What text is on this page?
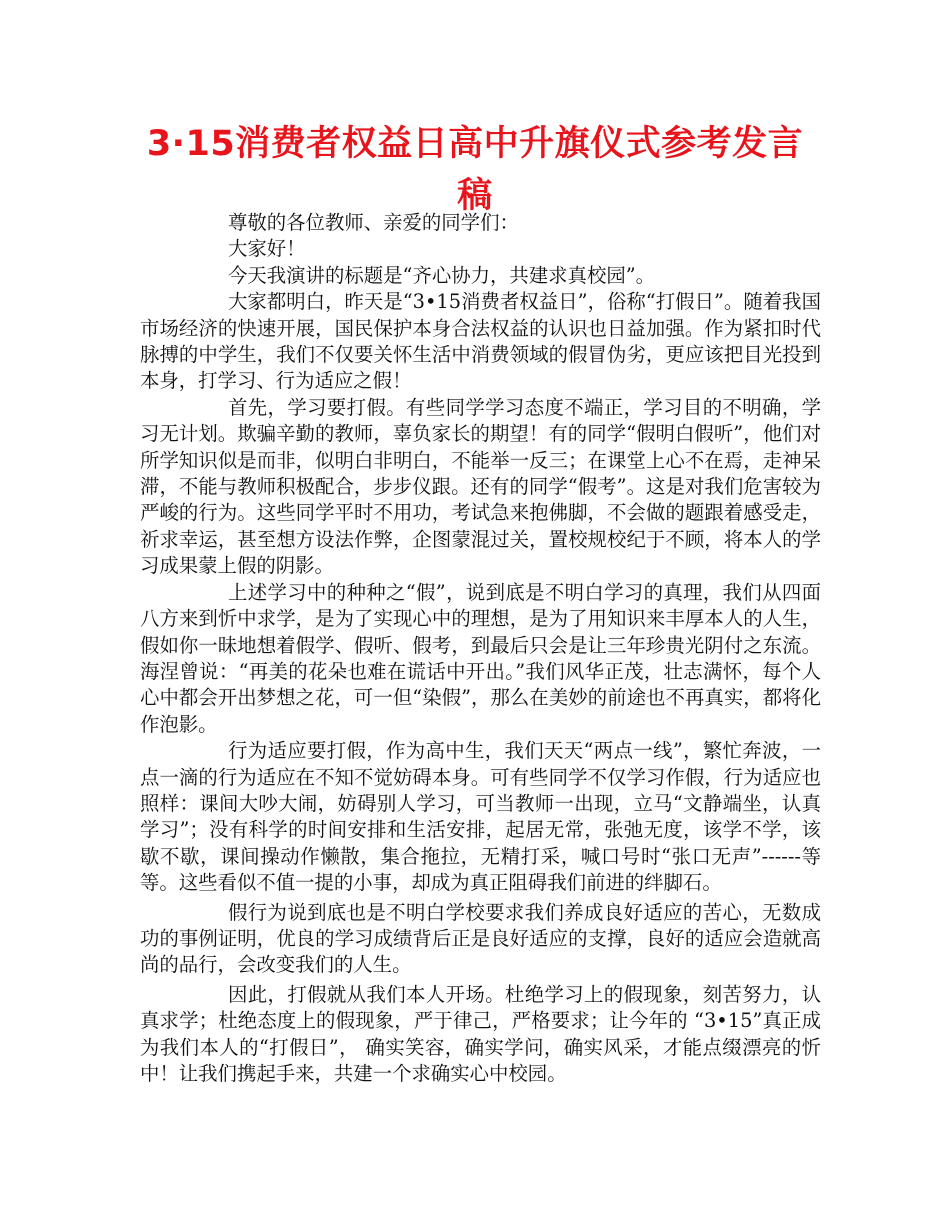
3·15消费者权益日高中升旗仪式参考发言稿

尊敬的各位教师、亲爱的同学们：

大家好！

今天我演讲的标题是“齐心协力，共建求真校园”。

大家都明白，昨天是“3•15消费者权益日”，俗称“打假日”。随着我国市场经济的快速开展，国民保护本身合法权益的认识也日益加强。作为紧扣时代脉搏的中学生，我们不仅要关怀生活中消费领域的假冒伪劣，更应该把目光投到本身，打学习、行为适应之假！

首先，学习要打假。有些同学学习态度不端正，学习目的不明确，学习无计划。欺骗辛勤的教师，辜负家长的期望！有的同学“假明白假听”，他们对所学知识似是而非，似明白非明白，不能举一反三；在课堂上心不在焉，走神呆滞，不能与教师积极配合，步步仪跟。还有的同学“假考”。这是对我们危害较为严峻的行为。这些同学平时不用功，考试急来抱佛脚，不会做的题跟着感受走，祈求幸运，甚至想方设法作弊，企图蒙混过关，置校规校纪于不顾，将本人的学习成果蒙上假的阴影。

上述学习中的种种之“假”，说到底是不明白学习的真理，我们从四面八方来到忻中求学，是为了实现心中的理想，是为了用知识来丰厚本人的人生，假如你一昧地想着假学、假听、假考，到最后只会是让三年珍贵光阴付之东流。海涅曾说：“再美的花朵也难在谎话中开出。”我们风华正茂，壮志满怀，每个人心中都会开出梦想之花，可一但“染假”，那么在美妙的前途也不再真实，都将化作泡影。

行为适应要打假，作为高中生，我们天天“两点一线”，繁忙奔波，一点一滴的行为适应在不知不觉妨碍本身。可有些同学不仅学习作假，行为适应也照样：课间大吵大闹，妨碍别人学习，可当教师一出现，立马“文静端坐，认真学习”；没有科学的时间安排和生活安排，起居无常，张弛无度，该学不学，该歇不歇，课间操动作懒散，集合拖拉，无精打采，喊口号时“张口无声”------等等。这些看似不值一提的小事，却成为真正阻碍我们前进的绊脚石。

假行为说到底也是不明白学校要求我们养成良好适应的苦心，无数成功的事例证明，优良的学习成绩背后正是良好适应的支撑，良好的适应会造就高尚的品行，会改变我们的人生。

因此，打假就从我们本人开场。杜绝学习上的假现象，刻苦努力，认真求学；杜绝态度上的假现象，严于律己，严格要求；让今年的 “3•15”真正成为我们本人的“打假日”， 确实笑容，确实学问，确实风采，才能点缀漂亮的忻中！让我们携起手来，共建一个求确实心中校园。
